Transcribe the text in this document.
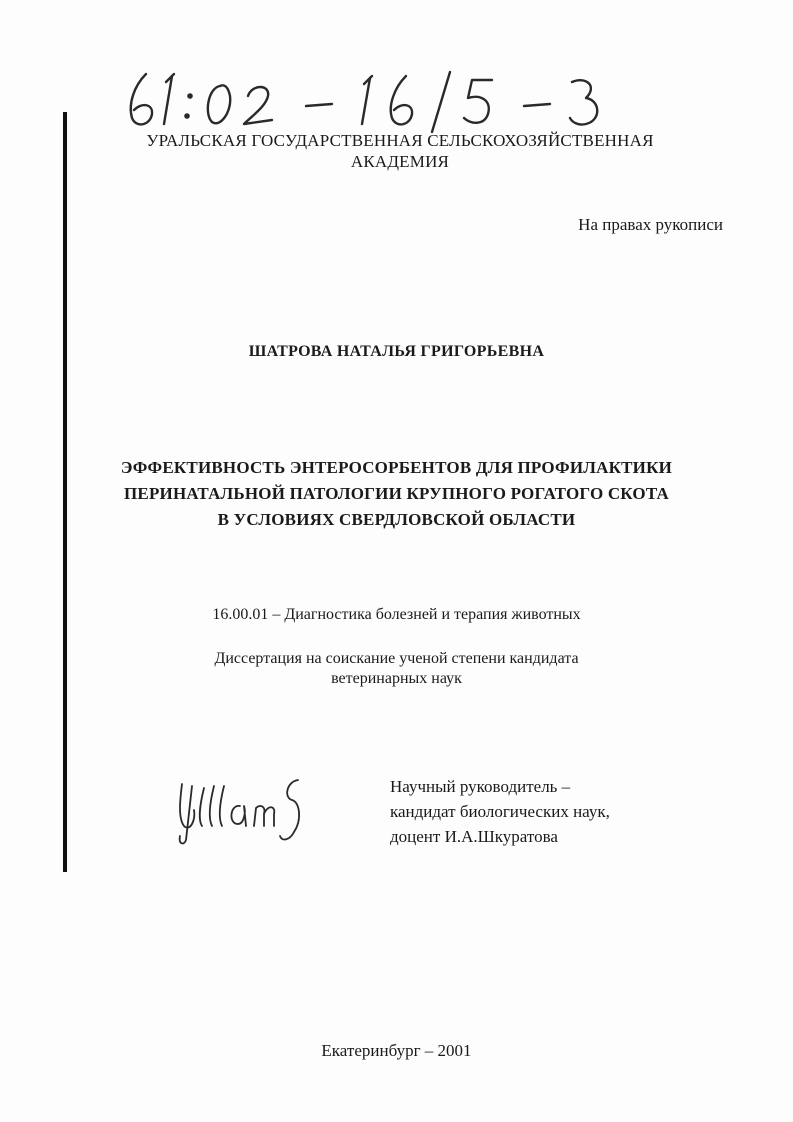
УРАЛЬСКАЯ ГОСУДАРСТВЕННАЯ СЕЛЬСКОХОЗЯЙСТВЕННАЯ
АКАДЕМИЯ
На правах рукописи
ШАТРОВА НАТАЛЬЯ ГРИГОРЬЕВНА
ЭФФЕКТИВНОСТЬ ЭНТЕРОСОРБЕНТОВ ДЛЯ ПРОФИЛАКТИКИ
ПЕРИНАТАЛЬНОЙ ПАТОЛОГИИ КРУПНОГО РОГАТОГО СКОТА
В УСЛОВИЯХ СВЕРДЛОВСКОЙ ОБЛАСТИ
16.00.01 – Диагностика болезней и терапия животных
Диссертация на соискание ученой степени кандидата
ветеринарных наук
Научный руководитель –
кандидат биологических наук,
доцент И.А.Шкуратова
Екатеринбург – 2001
